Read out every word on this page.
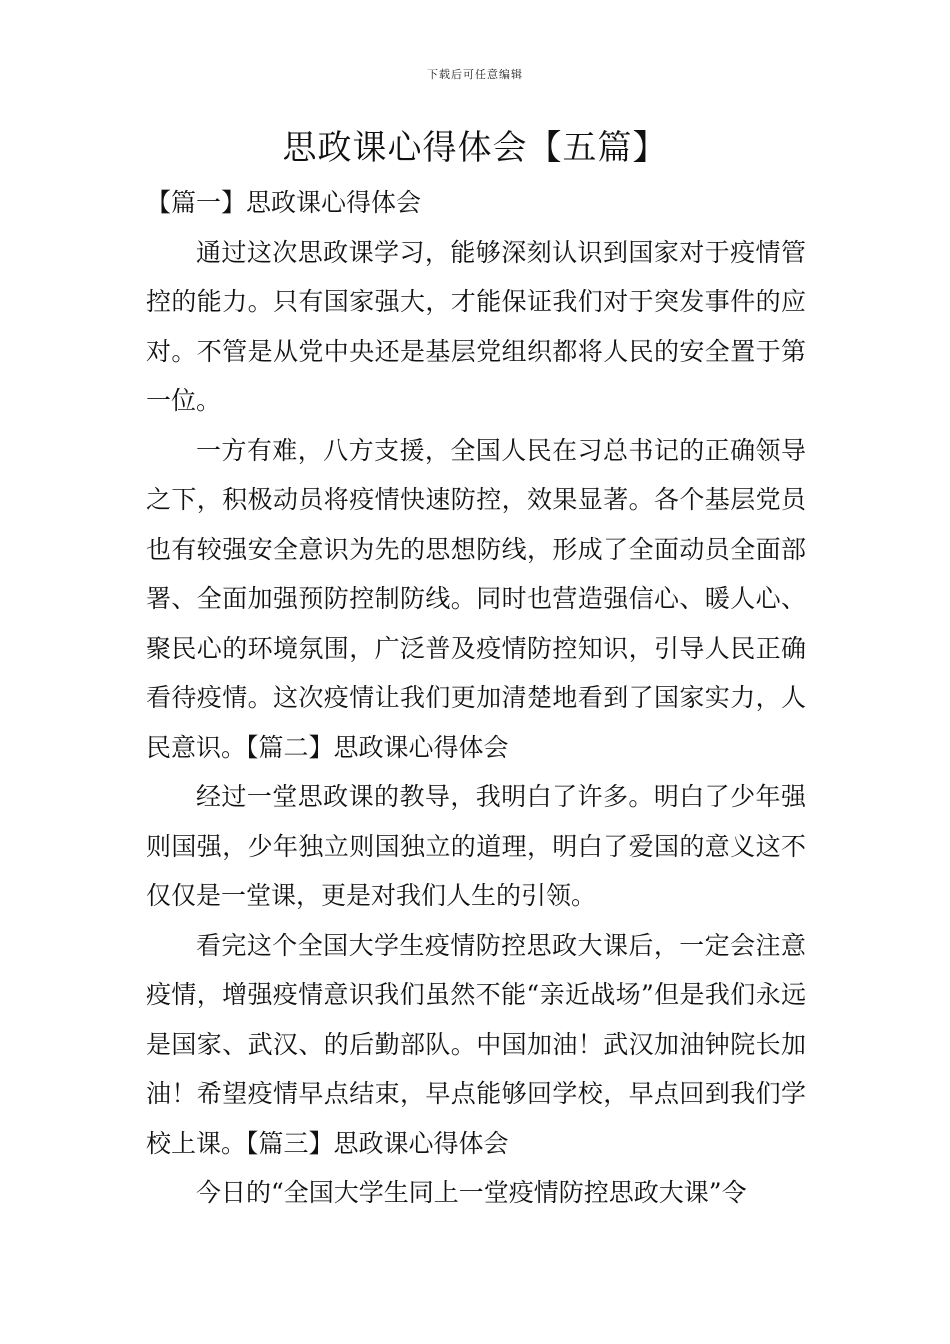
下载后可任意编辑
思政课心得体会【五篇】

【篇一】思政课心得体会

通过这次思政课学习，能够深刻认识到国家对于疫情管控的能力。只有国家强大，才能保证我们对于突发事件的应对。不管是从党中央还是基层党组织都将人民的安全置于第一位。

一方有难，八方支援，全国人民在习总书记的正确领导之下，积极动员将疫情快速防控，效果显著。各个基层党员也有较强安全意识为先的思想防线，形成了全面动员全面部署、全面加强预防控制防线。同时也营造强信心、暖人心、聚民心的环境氛围，广泛普及疫情防控知识，引导人民正确看待疫情。这次疫情让我们更加清楚地看到了国家实力，人民意识。【篇二】思政课心得体会

经过一堂思政课的教导，我明白了许多。明白了少年强则国强，少年独立则国独立的道理，明白了爱国的意义这不仅仅是一堂课，更是对我们人生的引领。

看完这个全国大学生疫情防控思政大课后，一定会注意疫情，增强疫情意识我们虽然不能“亲近战场”但是我们永远是国家、武汉、的后勤部队。中国加油！武汉加油钟院长加油！希望疫情早点结束，早点能够回学校，早点回到我们学校上课。【篇三】思政课心得体会

今日的“全国大学生同上一堂疫情防控思政大课”令
